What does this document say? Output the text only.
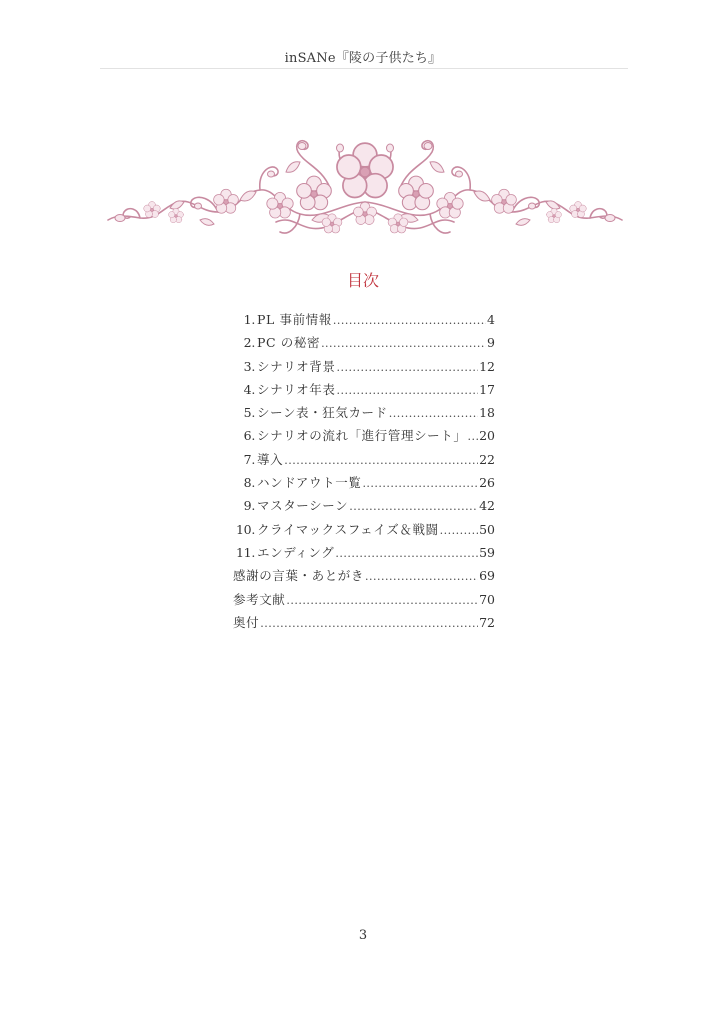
inSANe『陵の子供たち』
目次
1. PL 事前情報 .....	4
2. PC の秘密 .....	9
3. シナリオ背景 .....	12
4. シナリオ年表 .....	17
5. シーン表・狂気カード .....	18
6. シナリオの流れ「進行管理シート」 ..... 20
7. 導入 .....	22
8. ハンドアウト一覧 .....	26
9. マスターシーン .....	42
10. クライマックスフェイズ＆戦闘 .....	50
11. エンディング .....	59
感謝の言葉・あとがき .....	69
参考文献 .....	70
奥付 .....	72
3
